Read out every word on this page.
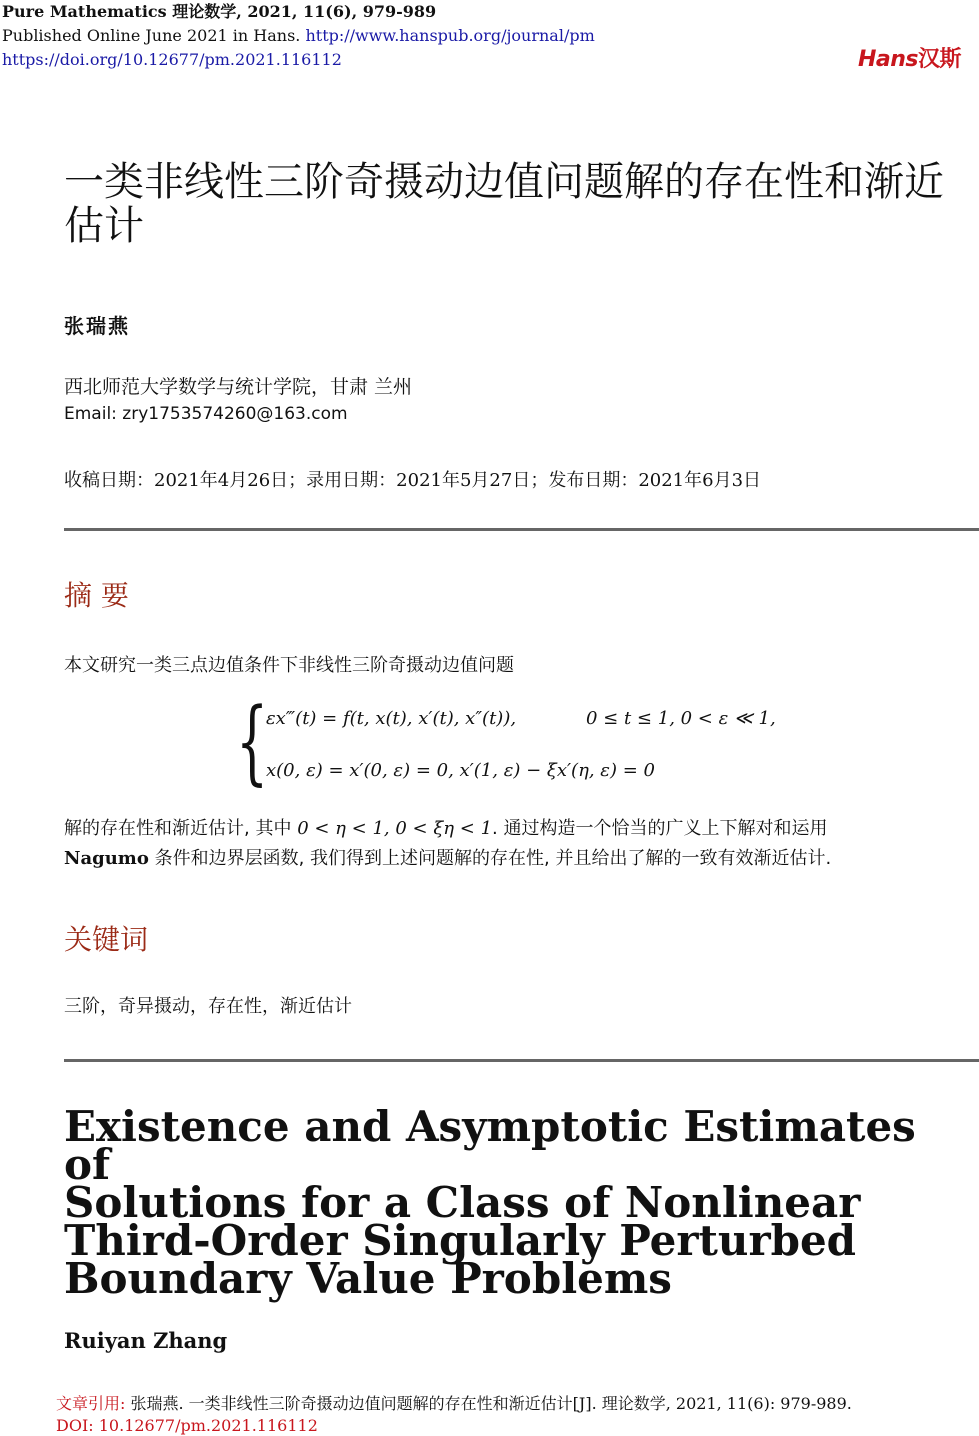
Pure Mathematics 理论数学, 2021, 11(6), 979-989
Published Online June 2021 in Hans. http://www.hanspub.org/journal/pm
https://doi.org/10.12677/pm.2021.116112	Hans汉斯
一类非线性三阶奇摄动边值问题解的存在性和渐近估计
张瑞燕
西北师范大学数学与统计学院，甘肃 兰州
Email: zry1753574260@163.com
收稿日期：2021年4月26日；录用日期：2021年5月27日；发布日期：2021年6月3日
摘 要
本文研究一类三点边值条件下非线性三阶奇摄动边值问题
{
εx‴(t) = f(t, x(t), x′(t), x″(t)),	0 ≤ t ≤ 1, 0 < ε ≪ 1,
x(0, ε) = x′(0, ε) = 0, x′(1, ε) − ξx′(η, ε) = 0
解的存在性和渐近估计, 其中 0 < η < 1, 0 < ξη < 1. 通过构造一个恰当的广义上下解对和运用
Nagumo 条件和边界层函数, 我们得到上述问题解的存在性, 并且给出了解的一致有效渐近估计.
关键词
三阶，奇异摄动，存在性，渐近估计
Existence and Asymptotic Estimates of
Solutions for a Class of Nonlinear
Third-Order Singularly Perturbed
Boundary Value Problems
Ruiyan Zhang
文章引用: 张瑞燕. 一类非线性三阶奇摄动边值问题解的存在性和渐近估计[J]. 理论数学, 2021, 11(6): 979-989.
DOI: 10.12677/pm.2021.116112
